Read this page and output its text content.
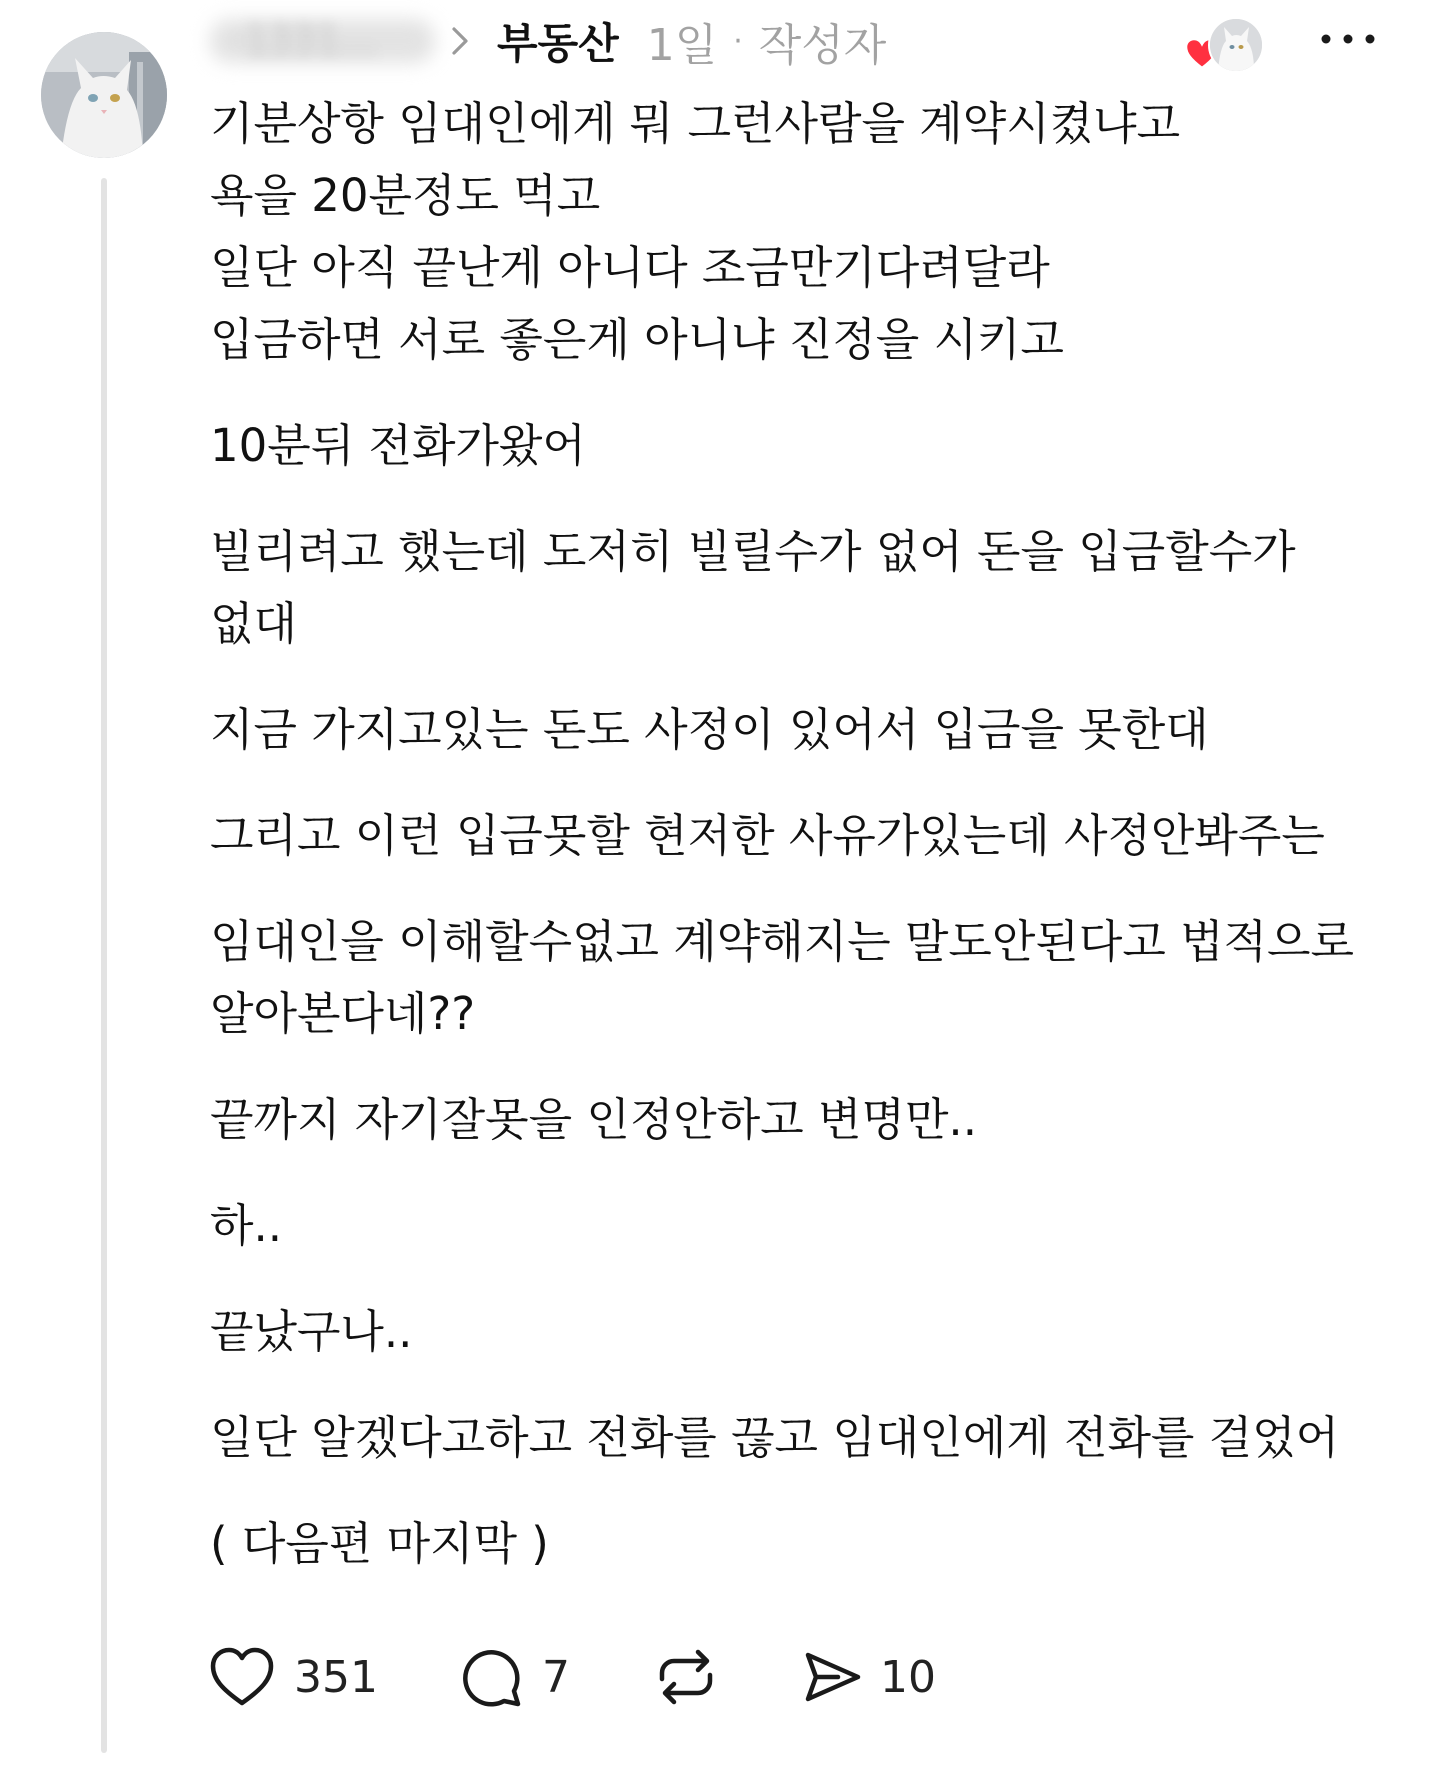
부동산 1일 · 작성자

기분상항 임대인에게 뭐 그런사람을 계약시켰냐고

욕을 20분정도 먹고

일단 아직 끝난게 아니다 조금만기다려달라

입금하면 서로 좋은게 아니냐 진정을 시키고

10분뒤 전화가왔어

빌리려고 했는데 도저히 빌릴수가 없어 돈을 입금할수가

없대

지금 가지고있는 돈도 사정이 있어서 입금을 못한대

그리고 이런 입금못할 현저한 사유가있는데 사정안봐주는

임대인을 이해할수없고 계약해지는 말도안된다고 법적으로

알아본다네??

끝까지 자기잘못을 인정안하고 변명만..

하..

끝났구나..

일단 알겠다고하고 전화를 끊고 임대인에게 전화를 걸었어

( 다음편 마지막 )

351	7	10
